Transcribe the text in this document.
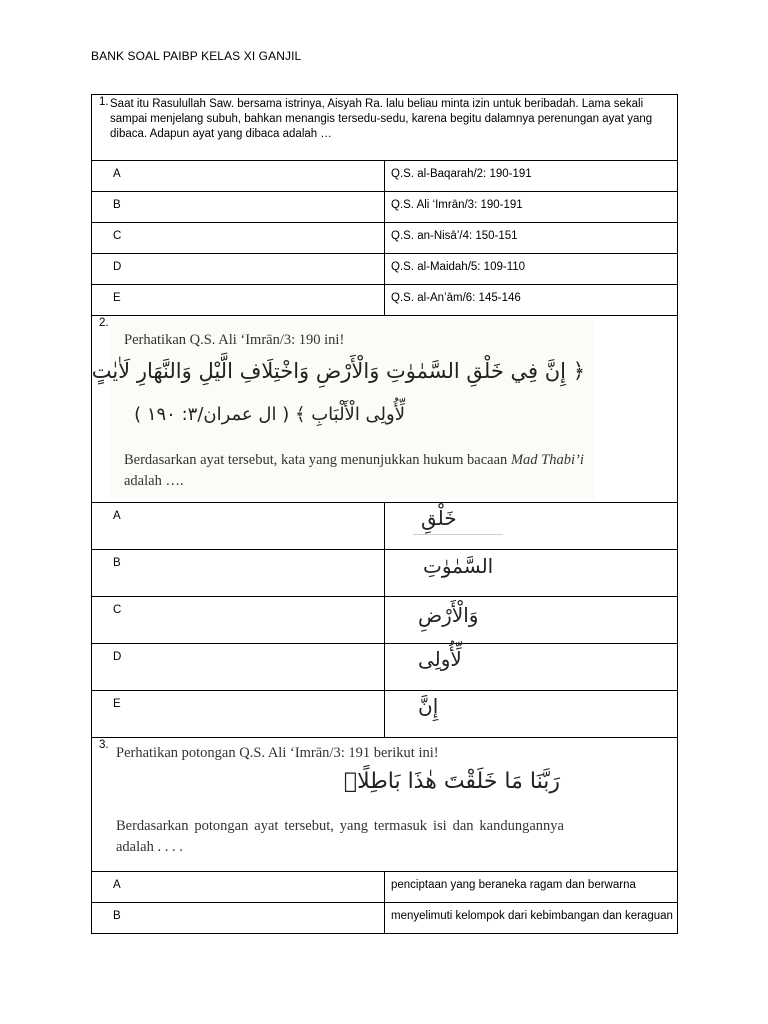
BANK SOAL PAIBP KELAS XI GANJIL
1. Saat itu Rasulullah Saw. bersama istrinya, Aisyah Ra. lalu beliau minta izin untuk beribadah. Lama sekali sampai menjelang subuh, bahkan menangis tersedu-sedu, karena begitu dalamnya perenungan ayat yang dibaca. Adapun ayat yang dibaca adalah …	

A	Q.S. al-Baqarah/2: 190-191
B	Q.S. Ali ‘Imrān/3: 190-191
C	Q.S. an-Nisā’/4: 150-151
D	Q.S. al-Maidah/5: 109-110
E	Q.S. al-An’ām/6: 145-146

2.
Perhatikan Q.S. Ali ‘Imrān/3: 190 ini!
﴿ إِنَّ فِي خَلْقِ السَّمٰوٰتِ وَالْأَرْضِ وَاخْتِلَافِ الَّيْلِ وَالنَّهَارِ لَاٰيٰتٍ
لِّأُولِى الْأَلْبَابِ ﴾ ( ال عمران/٣: ١٩٠ )
Berdasarkan ayat tersebut, kata yang menunjukkan hukum bacaan Mad Thabi’i adalah ….	

A	خَلْقِ

B	السَّمٰوٰتِ

C	وَالْأَرْضِ

D	لِّأُولِى

E	إِنَّ

3. Perhatikan potongan Q.S. Ali ‘Imrān/3: 191 berikut ini!
رَبَّنَا مَا خَلَقْتَ هٰذَا بَاطِلًاۚ
Berdasarkan potongan ayat tersebut, yang termasuk isi dan kandungannya adalah . . . .	

A	penciptaan yang beraneka ragam dan berwarna
B	menyelimuti kelompok dari kebimbangan dan keraguan
